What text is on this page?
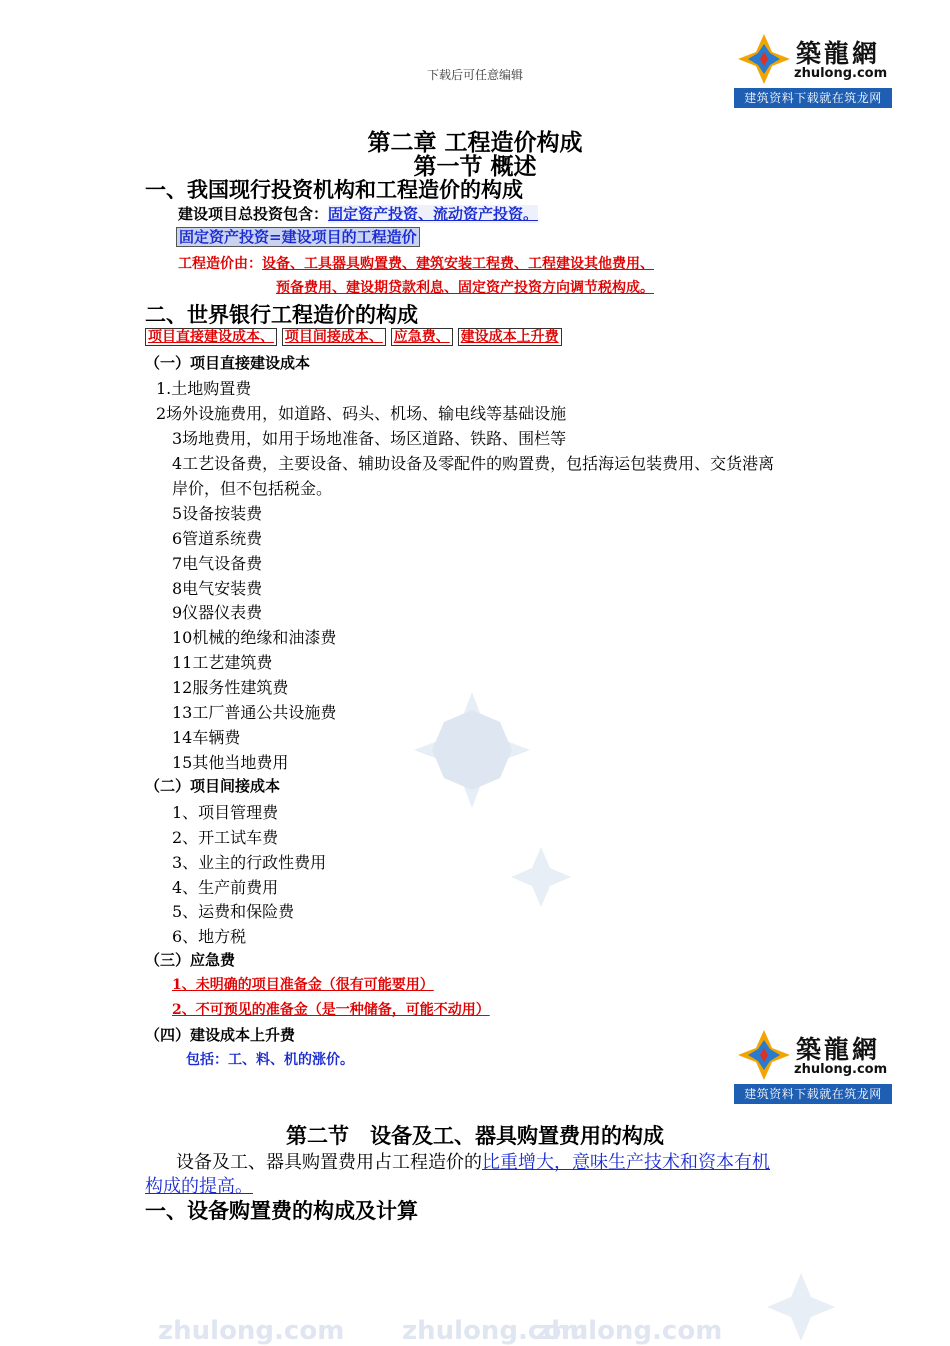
zhulong.com zhulong.com
zhulong.com
下载后可任意编辑
築龍網
zhulong.com
建筑资料下载就在筑龙网
第二章 工程造价构成
第一节 概述
一、我国现行投资机构和工程造价的构成
建设项目总投资包含：固定资产投资、流动资产投资。
固定资产投资=建设项目的工程造价
工程造价由：设备、工具器具购置费、建筑安装工程费、工程建设其他费用、
预备费用、建设期贷款利息、固定资产投资方向调节税构成。
二、世界银行工程造价的构成
项目直接建设成本、 项目间接成本、 应急费、 建设成本上升费
（一）项目直接建设成本
1.土地购置费
2场外设施费用，如道路、码头、机场、输电线等基础设施
3场地费用，如用于场地准备、场区道路、铁路、围栏等
4工艺设备费，主要设备、辅助设备及零配件的购置费，包括海运包装费用、交货港离
岸价，但不包括税金。
5设备按装费
6管道系统费
7电气设备费
8电气安装费
9仪器仪表费
10机械的绝缘和油漆费
11工艺建筑费
12服务性建筑费
13工厂普通公共设施费
14车辆费
15其他当地费用
（二）项目间接成本
1、项目管理费
2、开工试车费
3、业主的行政性费用
4、生产前费用
5、运费和保险费
6、地方税
（三）应急费
1、未明确的项目准备金（很有可能要用）
2、不可预见的准备金（是一种储备，可能不动用）
（四）建设成本上升费
包括：工、料、机的涨价。	築龍網
zhulong.com
建筑资料下载就在筑龙网
第二节　设备及工、器具购置费用的构成
设备及工、器具购置费用占工程造价的比重增大，意味生产技术和资本有机
构成的提高。
一、设备购置费的构成及计算
